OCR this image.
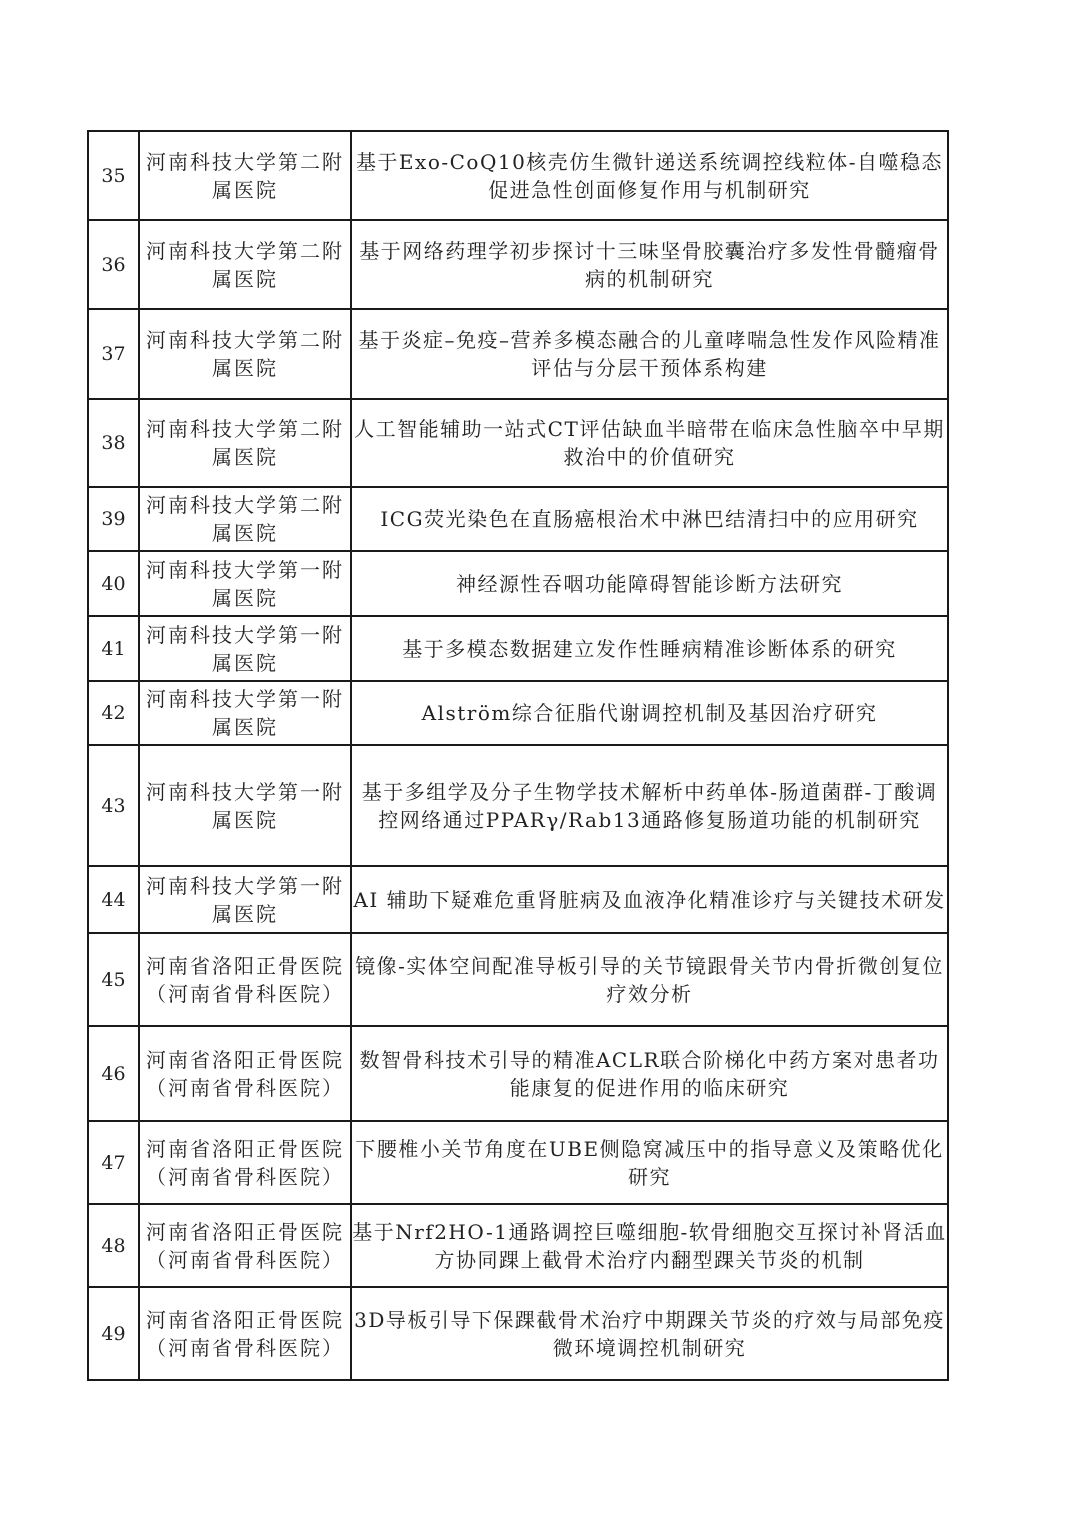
35	河南科技大学第二附属医院	基于Exo-CoQ10核壳仿生微针递送系统调控线粒体-自噬稳态促进急性创面修复作用与机制研究
36	河南科技大学第二附属医院	基于网络药理学初步探讨十三味坚骨胶囊治疗多发性骨髓瘤骨病的机制研究
37	河南科技大学第二附属医院	基于炎症–免疫–营养多模态融合的儿童哮喘急性发作风险精准评估与分层干预体系构建
38	河南科技大学第二附属医院	人工智能辅助一站式CT评估缺血半暗带在临床急性脑卒中早期救治中的价值研究
39	河南科技大学第二附属医院	ICG荧光染色在直肠癌根治术中淋巴结清扫中的应用研究
40	河南科技大学第一附属医院	神经源性吞咽功能障碍智能诊断方法研究
41	河南科技大学第一附属医院	基于多模态数据建立发作性睡病精准诊断体系的研究
42	河南科技大学第一附属医院	Alström综合征脂代谢调控机制及基因治疗研究
43	河南科技大学第一附属医院	基于多组学及分子生物学技术解析中药单体-肠道菌群-丁酸调控网络通过PPARγ/Rab13通路修复肠道功能的机制研究
44	河南科技大学第一附属医院	AI 辅助下疑难危重肾脏病及血液净化精准诊疗与关键技术研发
45	河南省洛阳正骨医院（河南省骨科医院）	镜像-实体空间配准导板引导的关节镜跟骨关节内骨折微创复位疗效分析
46	河南省洛阳正骨医院（河南省骨科医院）	数智骨科技术引导的精准ACLR联合阶梯化中药方案对患者功能康复的促进作用的临床研究
47	河南省洛阳正骨医院（河南省骨科医院）	下腰椎小关节角度在UBE侧隐窝减压中的指导意义及策略优化研究
48	河南省洛阳正骨医院（河南省骨科医院）	基于Nrf2HO-1通路调控巨噬细胞-软骨细胞交互探讨补肾活血方协同踝上截骨术治疗内翻型踝关节炎的机制
49	河南省洛阳正骨医院（河南省骨科医院）	3D导板引导下保踝截骨术治疗中期踝关节炎的疗效与局部免疫微环境调控机制研究
